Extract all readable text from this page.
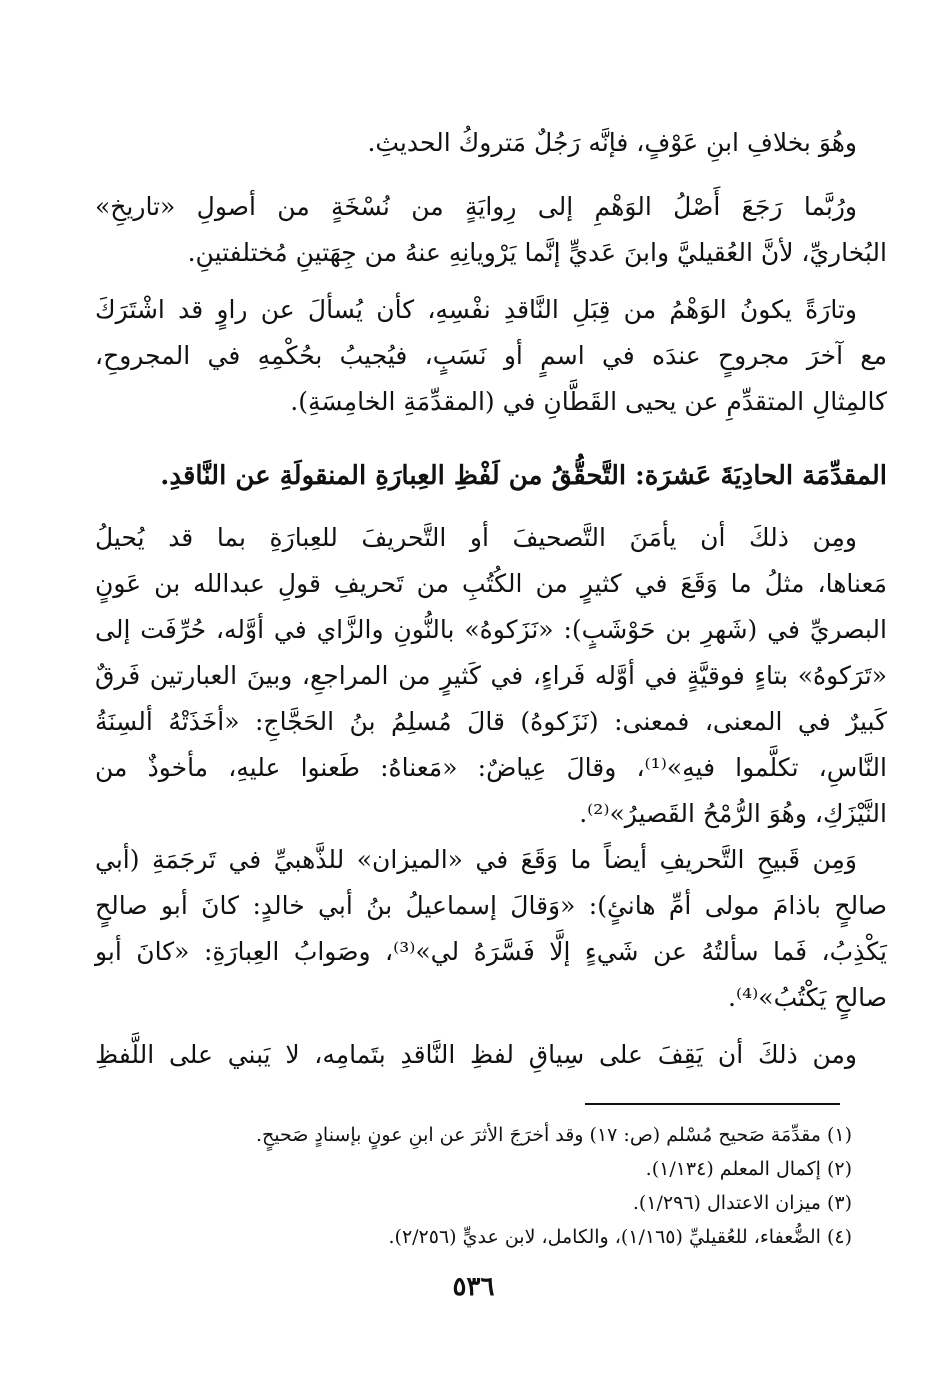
وهُوَ بخلافِ ابنِ عَوْفٍ، فإنَّه رَجُلٌ مَتروكُ الحديثِ.
ورُبَّما رَجَعَ أَصْلُ الوَهْمِ إلى رِوايَةٍ من نُسْخَةٍ من أصولِ «تاريخِ»
البُخاريِّ، لأنَّ العُقيليَّ وابنَ عَديٍّ إنَّما يَرْويانِهِ عنهُ من جِهَتينِ مُختلفتينِ.
وتارَةً يكونُ الوَهْمُ من قِبَلِ النَّاقدِ نفْسِهِ، كأن يُسألَ عن راوٍ قد اشْتَرَكَ
مع آخرَ مجروحٍ عندَه في اسمٍ أو نَسَبٍ، فيُجيبُ بحُكْمِهِ في المجروحِ،
كالمِثالِ المتقدِّمِ عن يحيى القَطَّانِ في (المقدِّمَةِ الخامِسَةِ).
المقدِّمَة الحادِيَةَ عَشرَة: التَّحقُّقُ من لَفْظِ العِبارَةِ المنقولَةِ عن النَّاقدِ.
ومِن ذلكَ أن يأمَنَ التَّصحيفَ أو التَّحريفَ للعِبارَةِ بما قد يُحيلُ
مَعناها، مثلُ ما وَقَعَ في كثيرٍ من الكُتُبِ من تَحريفِ قولِ عبدالله بن عَونٍ
البصريِّ في (شَهرِ بن حَوْشَبٍ): «نَزَكوهُ» بالنُّونِ والزَّاي في أوَّله، حُرِّفَت إلى
«تَرَكوهُ» بتاءٍ فوقيَّةٍ في أوَّله فَراءٍ، في كَثيرٍ من المراجعِ، وبينَ العبارتين فَرقٌ
كَبيرٌ في المعنى، فمعنى: (نَزَكوهُ) قالَ مُسلِمُ بنُ الحَجَّاجِ: «أخَذَتْهُ ألسِنَةُ
النَّاسِ، تكلَّموا فيهِ»⁽¹⁾، وقالَ عِياضٌ: «مَعناهُ: طَعنوا عليهِ، مأخوذٌ من
النَّيْزَكِ، وهُوَ الرُّمْحُ القَصيرُ»⁽²⁾.
وَمِن قَبيحِ التَّحريفِ أيضاً ما وَقَعَ في «الميزان» للذَّهبيِّ في تَرجَمَةِ (أبي
صالحٍ باذامَ مولى أمِّ هانئٍ): «وَقالَ إسماعيلُ بنُ أبي خالدٍ: كانَ أبو صالحٍ
يَكْذِبُ، فَما سألتُهُ عن شَيءٍ إلَّا فَسَّرَهُ لي»⁽³⁾، وصَوابُ العِبارَةِ: «كانَ أبو
صالحٍ يَكْتُبُ»⁽⁴⁾.
ومن ذلكَ أن يَقِفَ على سِياقِ لفظِ النَّاقدِ بتَمامِه، لا يَبني على اللَّفظِ
(١) مقدِّمَة صَحيح مُسْلم (ص: ١٧) وقد أخرَجَ الأثرَ عن ابنِ عونٍ بإسنادٍ صَحيحٍ.
(٢) إكمال المعلم (١/١٣٤).
(٣) ميزان الاعتدال (١/٢٩٦).
(٤) الضُّعفاء، للعُقيليِّ (١/١٦٥)، والكامل، لابن عديٍّ (٢/٢٥٦).
٥٣٦
